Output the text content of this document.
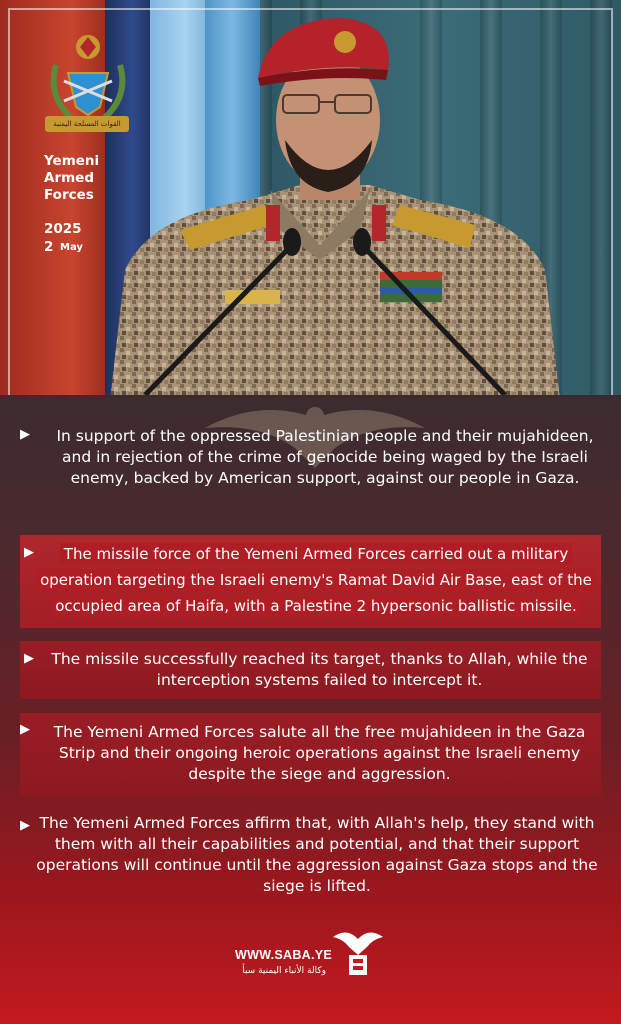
القوات المسلحة اليمنية
Yemeni
Armed
Forces
2025
2 May
▶	In support of the oppressed Palestinian people and their mujahideen, and in rejection of the crime of genocide being waged by the Israeli enemy, backed by American support, against our people in Gaza.
▶	The missile force of the Yemeni Armed Forces carried out a military operation targeting the Israeli enemy's Ramat David Air Base, east of the occupied area of Haifa, with a Palestine 2 hypersonic ballistic missile.
▶	The missile successfully reached its target, thanks to Allah, while the interception systems failed to intercept it.
▶	The Yemeni Armed Forces salute all the free mujahideen in the Gaza Strip and their ongoing heroic operations against the Israeli enemy despite the siege and aggression.
▶ The Yemeni Armed Forces affirm that, with Allah's help, they stand with them with all their capabilities and potential, and that their support operations will continue until the aggression against Gaza stops and the siege is lifted.
WWW.SABA.YE
وكالة الأنباء اليمنية سبأ
